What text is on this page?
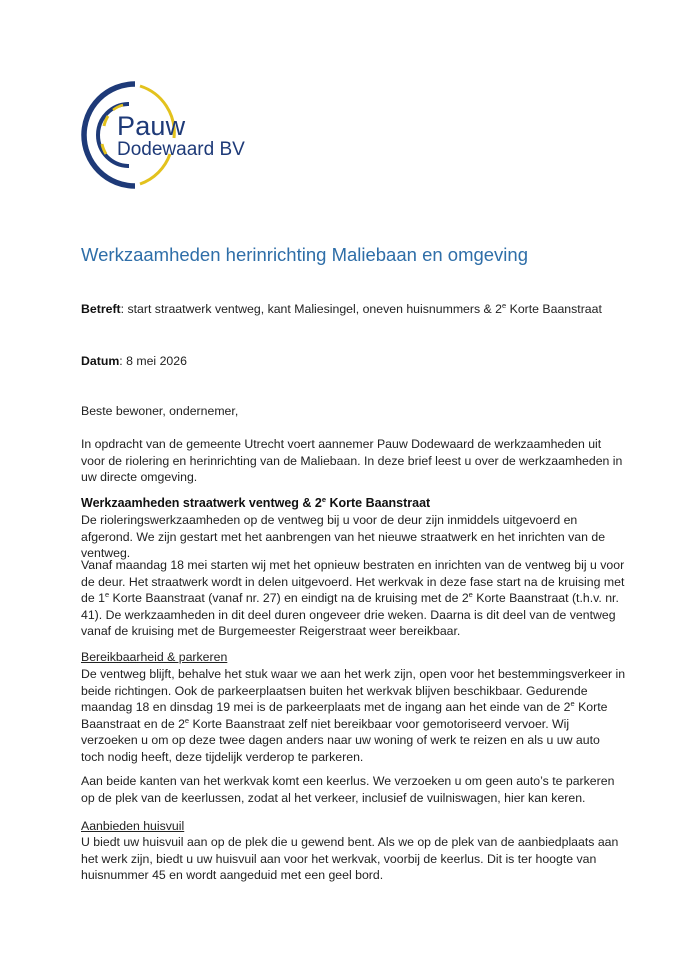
Pauw
Dodewaard BV
Werkzaamheden herinrichting Maliebaan en omgeving
Betreft: start straatwerk ventweg, kant Maliesingel, oneven huisnummers & 2e Korte Baanstraat
Datum: 8 mei 2026
Beste bewoner, ondernemer,
In opdracht van de gemeente Utrecht voert aannemer Pauw Dodewaard de werkzaamheden uit voor de riolering en herinrichting van de Maliebaan. In deze brief leest u over de werkzaamheden in uw directe omgeving.
Werkzaamheden straatwerk ventweg & 2e Korte Baanstraat
De rioleringswerkzaamheden op de ventweg bij u voor de deur zijn inmiddels uitgevoerd en afgerond. We zijn gestart met het aanbrengen van het nieuwe straatwerk en het inrichten van de ventweg.
Vanaf maandag 18 mei starten wij met het opnieuw bestraten en inrichten van de ventweg bij u voor de deur. Het straatwerk wordt in delen uitgevoerd. Het werkvak in deze fase start na de kruising met de 1e Korte Baanstraat (vanaf nr. 27) en eindigt na de kruising met de 2e Korte Baanstraat (t.h.v. nr. 41). De werkzaamheden in dit deel duren ongeveer drie weken. Daarna is dit deel van de ventweg vanaf de kruising met de Burgemeester Reigerstraat weer bereikbaar.
Bereikbaarheid & parkeren
De ventweg blijft, behalve het stuk waar we aan het werk zijn, open voor het bestemmingsverkeer in beide richtingen. Ook de parkeerplaatsen buiten het werkvak blijven beschikbaar. Gedurende maandag 18 en dinsdag 19 mei is de parkeerplaats met de ingang aan het einde van de 2e Korte Baanstraat en de 2e Korte Baanstraat zelf niet bereikbaar voor gemotoriseerd vervoer. Wij verzoeken u om op deze twee dagen anders naar uw woning of werk te reizen en als u uw auto toch nodig heeft, deze tijdelijk verderop te parkeren.
Aan beide kanten van het werkvak komt een keerlus. We verzoeken u om geen auto’s te parkeren op de plek van de keerlussen, zodat al het verkeer, inclusief de vuilniswagen, hier kan keren.
Aanbieden huisvuil
U biedt uw huisvuil aan op de plek die u gewend bent. Als we op de plek van de aanbiedplaats aan het werk zijn, biedt u uw huisvuil aan voor het werkvak, voorbij de keerlus. Dit is ter hoogte van huisnummer 45 en wordt aangeduid met een geel bord.
